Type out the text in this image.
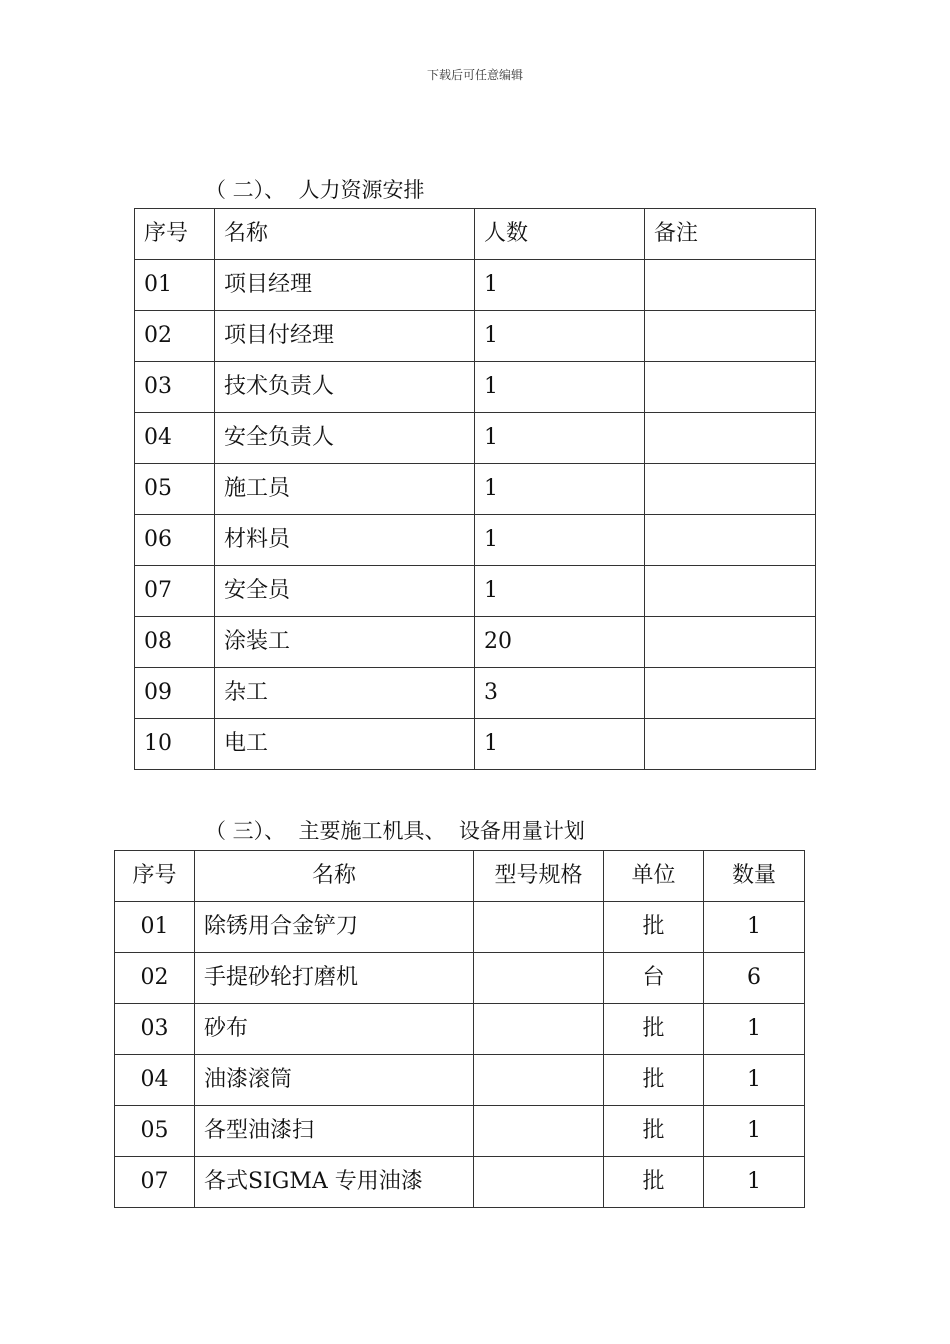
下载后可任意编辑
（ 二）、  人力资源安排
序号	名称	人数	备注
01	项目经理	1	
02	项目付经理	1	
03	技术负责人	1	
04	安全负责人	1	
05	施工员	1	
06	材料员	1	
07	安全员	1	
08	涂装工	20	
09	杂工	3	
10	电工	1	
（ 三）、  主要施工机具、  设备用量计划
序号	名称	型号规格	单位	数量
01	除锈用合金铲刀		批	1
02	手提砂轮打磨机		台	6
03	砂布		批	1
04	油漆滚筒		批	1
05	各型油漆扫		批	1
07	各式SIGMA 专用油漆		批	1
